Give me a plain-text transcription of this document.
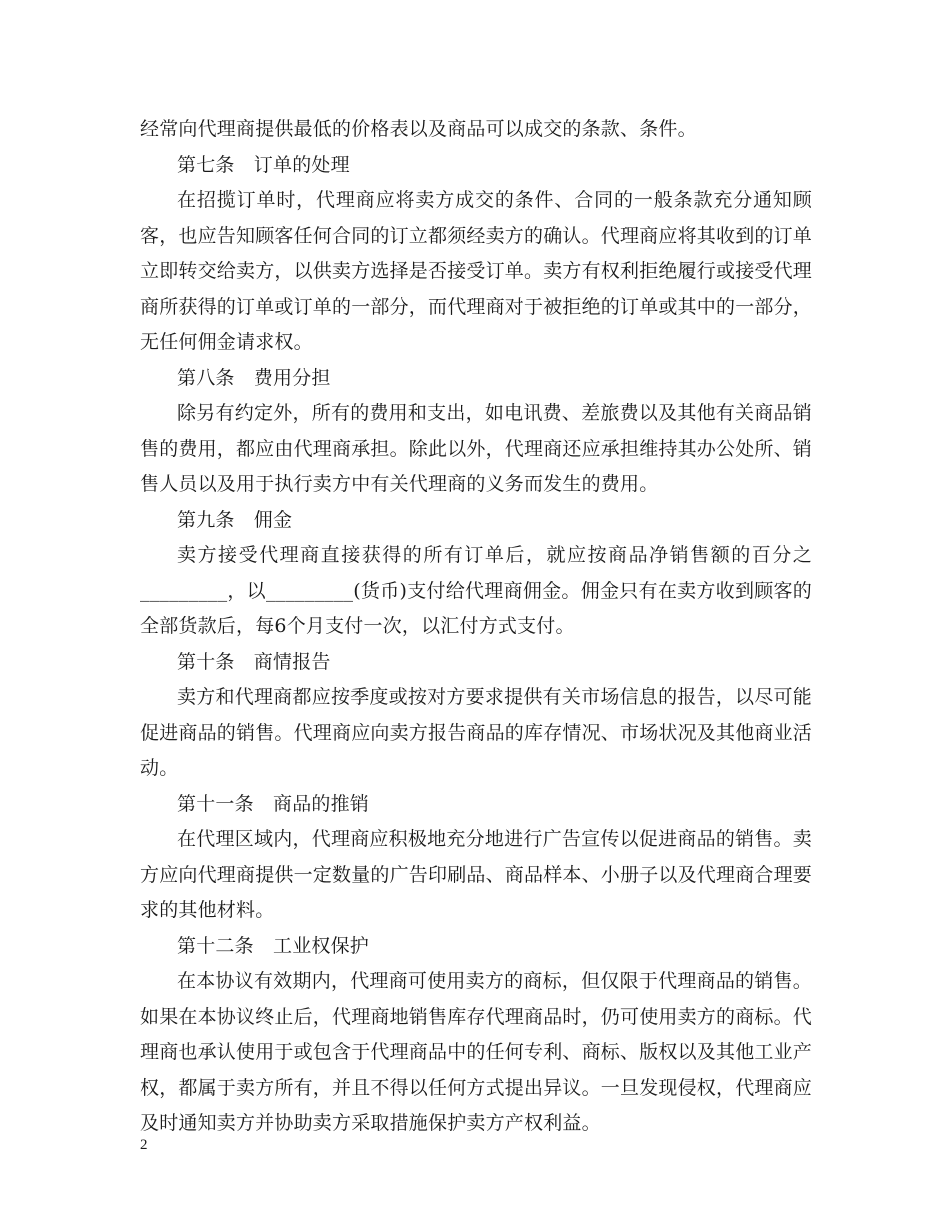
经常向代理商提供最低的价格表以及商品可以成交的条款、条件。

第七条　订单的处理

在招揽订单时，代理商应将卖方成交的条件、合同的一般条款充分通知顾客，也应告知顾客任何合同的订立都须经卖方的确认。代理商应将其收到的订单立即转交给卖方，以供卖方选择是否接受订单。卖方有权利拒绝履行或接受代理商所获得的订单或订单的一部分，而代理商对于被拒绝的订单或其中的一部分，无任何佣金请求权。

第八条　费用分担

除另有约定外，所有的费用和支出，如电讯费、差旅费以及其他有关商品销售的费用，都应由代理商承担。除此以外，代理商还应承担维持其办公处所、销售人员以及用于执行卖方中有关代理商的义务而发生的费用。

第九条　佣金

卖方接受代理商直接获得的所有订单后，就应按商品净销售额的百分之_________，以_________(货币)支付给代理商佣金。佣金只有在卖方收到顾客的全部货款后，每6个月支付一次，以汇付方式支付。

第十条　商情报告

卖方和代理商都应按季度或按对方要求提供有关市场信息的报告，以尽可能促进商品的销售。代理商应向卖方报告商品的库存情况、市场状况及其他商业活动。

第十一条　商品的推销

在代理区域内，代理商应积极地充分地进行广告宣传以促进商品的销售。卖方应向代理商提供一定数量的广告印刷品、商品样本、小册子以及代理商合理要求的其他材料。

第十二条　工业权保护

在本协议有效期内，代理商可使用卖方的商标，但仅限于代理商品的销售。如果在本协议终止后，代理商地销售库存代理商品时，仍可使用卖方的商标。代理商也承认使用于或包含于代理商品中的任何专利、商标、版权以及其他工业产权，都属于卖方所有，并且不得以任何方式提出异议。一旦发现侵权，代理商应及时通知卖方并协助卖方采取措施保护卖方产权利益。

2
